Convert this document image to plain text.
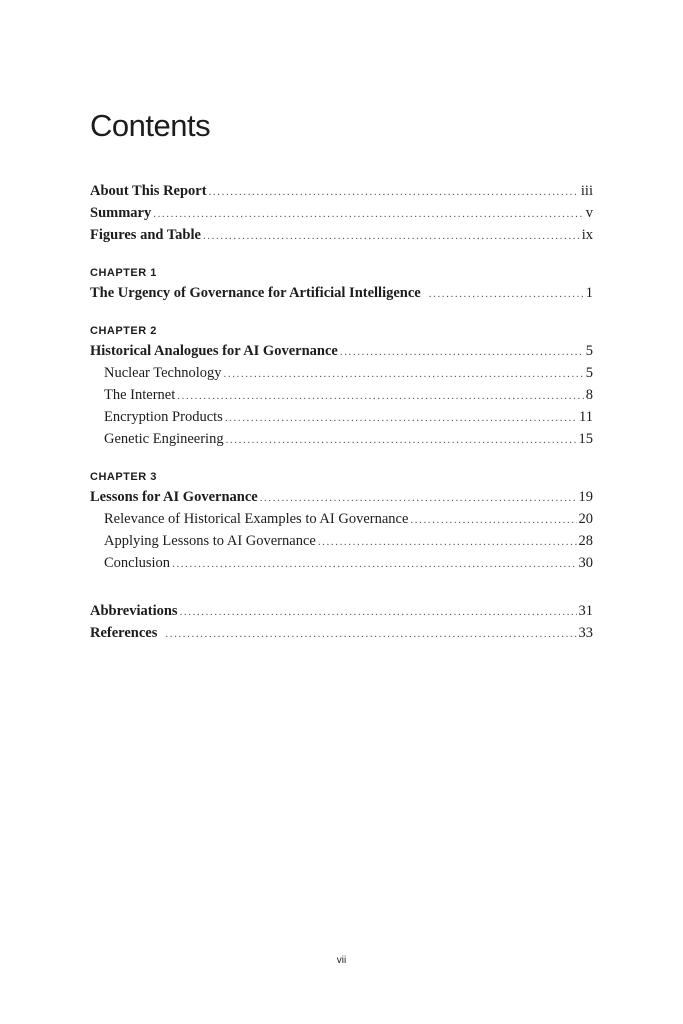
Contents
About This Report .....	iii
Summary .....	v
Figures and Table .....	ix
CHAPTER 1
The Urgency of Governance for Artificial Intelligence .....	1
CHAPTER 2
Historical Analogues for AI Governance .....	5
Nuclear Technology .....	5
The Internet .....	8
Encryption Products .....	11
Genetic Engineering .....	15
CHAPTER 3
Lessons for AI Governance .....	19
Relevance of Historical Examples to AI Governance .....	20
Applying Lessons to AI Governance .....	28
Conclusion .....	30
Abbreviations .....	31
References .....	33
vii
